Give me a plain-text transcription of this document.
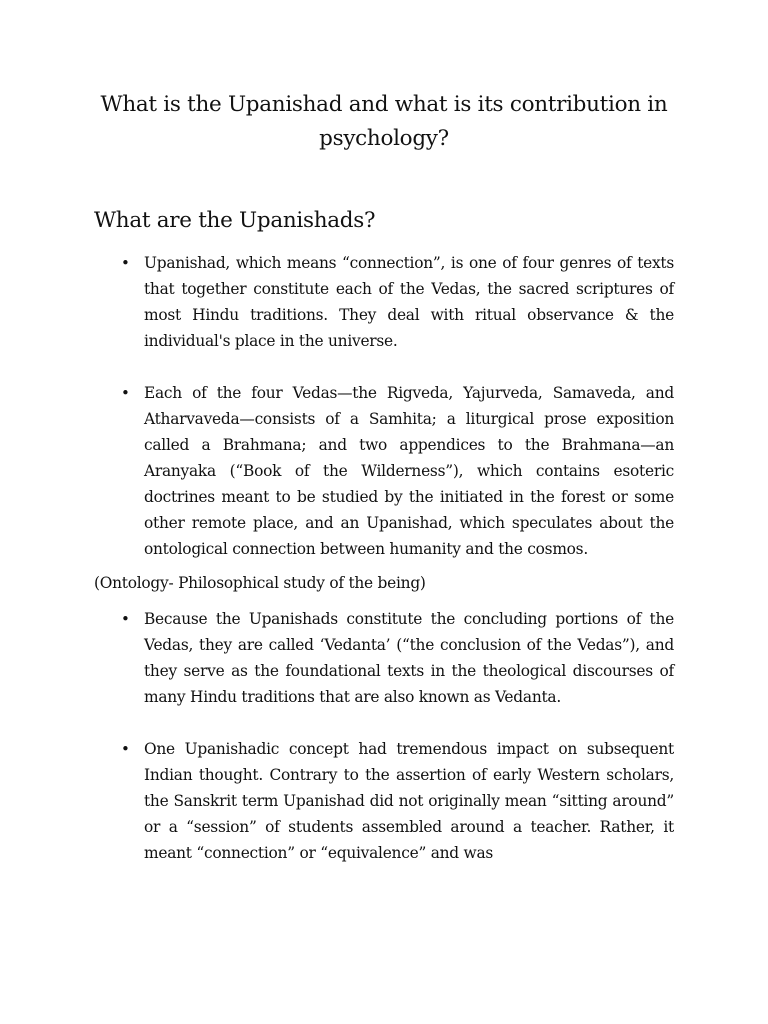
What is the Upanishad and what is its contribution in psychology?
What are the Upanishads?
• Upanishad, which means “connection”, is one of four genres of texts that together constitute each of the Vedas, the sacred scriptures of most Hindu traditions. They deal with ritual observance & the individual's place in the universe.
• Each of the four Vedas—the Rigveda, Yajurveda, Samaveda, and Atharvaveda—consists of a Samhita; a liturgical prose exposition called a Brahmana; and two appendices to the Brahmana—an Aranyaka (“Book of the Wilderness”), which contains esoteric doctrines meant to be studied by the initiated in the forest or some other remote place, and an Upanishad, which speculates about the ontological connection between humanity and the cosmos.

(Ontology- Philosophical study of the being)

• Because the Upanishads constitute the concluding portions of the Vedas, they are called ‘Vedanta’ (“the conclusion of the Vedas”), and they serve as the foundational texts in the theological discourses of many Hindu traditions that are also known as Vedanta.
• One Upanishadic concept had tremendous impact on subsequent Indian thought. Contrary to the assertion of early Western scholars, the Sanskrit term Upanishad did not originally mean “sitting around” or a “session” of students assembled around a teacher. Rather, it meant “connection” or “equivalence” and was
